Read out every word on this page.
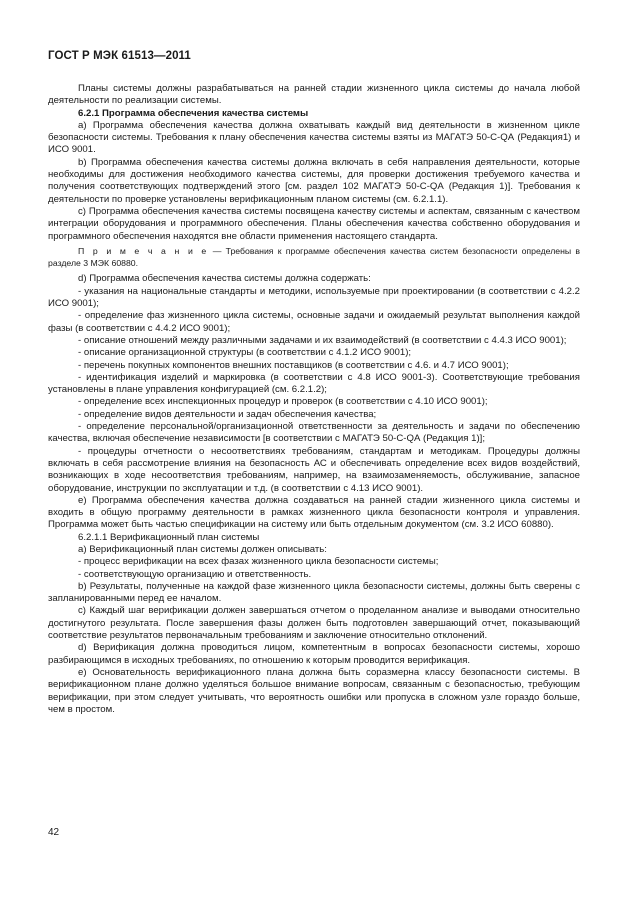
ГОСТ Р МЭК 61513—2011

Планы системы должны разрабатываться на ранней стадии жизненного цикла системы до начала любой деятельности по реализации системы.

6.2.1 Программа обеспечения качества системы

а) Программа обеспечения качества должна охватывать каждый вид деятельности в жизненном цикле безопасности системы. Требования к плану обеспечения качества системы взяты из МАГАТЭ 50-С-QА (Редакция1) и ИСО 9001.

b) Программа обеспечения качества системы должна включать в себя направления деятельности, которые необходимы для достижения необходимого качества системы, для проверки достижения требуемого качества и получения соответствующих подтверждений этого [см. раздел 102 МАГАТЭ 50-С-QА (Редакция 1)]. Требования к деятельности по проверке установлены верификационным планом системы (см. 6.2.1.1).

с) Программа обеспечения качества системы посвящена качеству системы и аспектам, связанным с качеством интеграции оборудования и программного обеспечения. Планы обеспечения качества собственно оборудования и программного обеспечения находятся вне области применения настоящего стандарта.

П р и м е ч а н и е — Требования к программе обеспечения качества систем безопасности определены в разделе 3 МЭК 60880.

d) Программа обеспечения качества системы должна содержать:

- указания на национальные стандарты и методики, используемые при проектировании (в соответствии с 4.2.2 ИСО 9001);

- определение фаз жизненного цикла системы, основные задачи и ожидаемый результат выполнения каждой фазы (в соответствии с 4.4.2 ИСО 9001);

- описание отношений между различными задачами и их взаимодействий (в соответствии с 4.4.3 ИСО 9001);

- описание организационной структуры (в соответствии с 4.1.2 ИСО 9001);

- перечень покупных компонентов внешних поставщиков (в соответствии с 4.6. и 4.7 ИСО 9001);

- идентификация изделий и маркировка (в соответствии с 4.8 ИСО 9001-3). Соответствующие требования установлены в плане управления конфигурацией (см. 6.2.1.2);

- определение всех инспекционных процедур и проверок (в соответствии с 4.10 ИСО 9001);

- определение видов деятельности и задач обеспечения качества;

- определение персональной/организационной ответственности за деятельность и задачи по обеспечению качества, включая обеспечение независимости [в соответствии с МАГАТЭ 50-С-QА (Редакция 1)];

- процедуры отчетности о несоответствиях требованиям, стандартам и методикам. Процедуры должны включать в себя рассмотрение влияния на безопасность АС и обеспечивать определение всех видов воздействий, возникающих в ходе несоответствия требованиям, например, на взаимозаменяемость, обслуживание, запасное оборудование, инструкции по эксплуатации и т.д. (в соответствии с 4.13 ИСО 9001).

е) Программа обеспечения качества должна создаваться на ранней стадии жизненного цикла системы и входить в общую программу деятельности в рамках жизненного цикла безопасности контроля и управления. Программа может быть частью спецификации на систему или быть отдельным документом (см. 3.2 ИСО 60880).

6.2.1.1 Верификационный план системы

а) Верификационный план системы должен описывать:

- процесс верификации на всех фазах жизненного цикла безопасности системы;

- соответствующую организацию и ответственность.

b) Результаты, полученные на каждой фазе жизненного цикла безопасности системы, должны быть сверены с запланированными перед ее началом.

с) Каждый шаг верификации должен завершаться отчетом о проделанном анализе и выводами относительно достигнутого результата. После завершения фазы должен быть подготовлен завершающий отчет, показывающий соответствие результатов первоначальным требованиям и заключение относительно отклонений.

d) Верификация должна проводиться лицом, компетентным в вопросах безопасности системы, хорошо разбирающимся в исходных требованиях, по отношению к которым проводится верификация.

е) Основательность верификационного плана должна быть соразмерна классу безопасности системы. В верификационном плане должно уделяться большое внимание вопросам, связанным с безопасностью, требующим верификации, при этом следует учитывать, что вероятность ошибки или пропуска в сложном узле гораздо больше, чем в простом.

42
